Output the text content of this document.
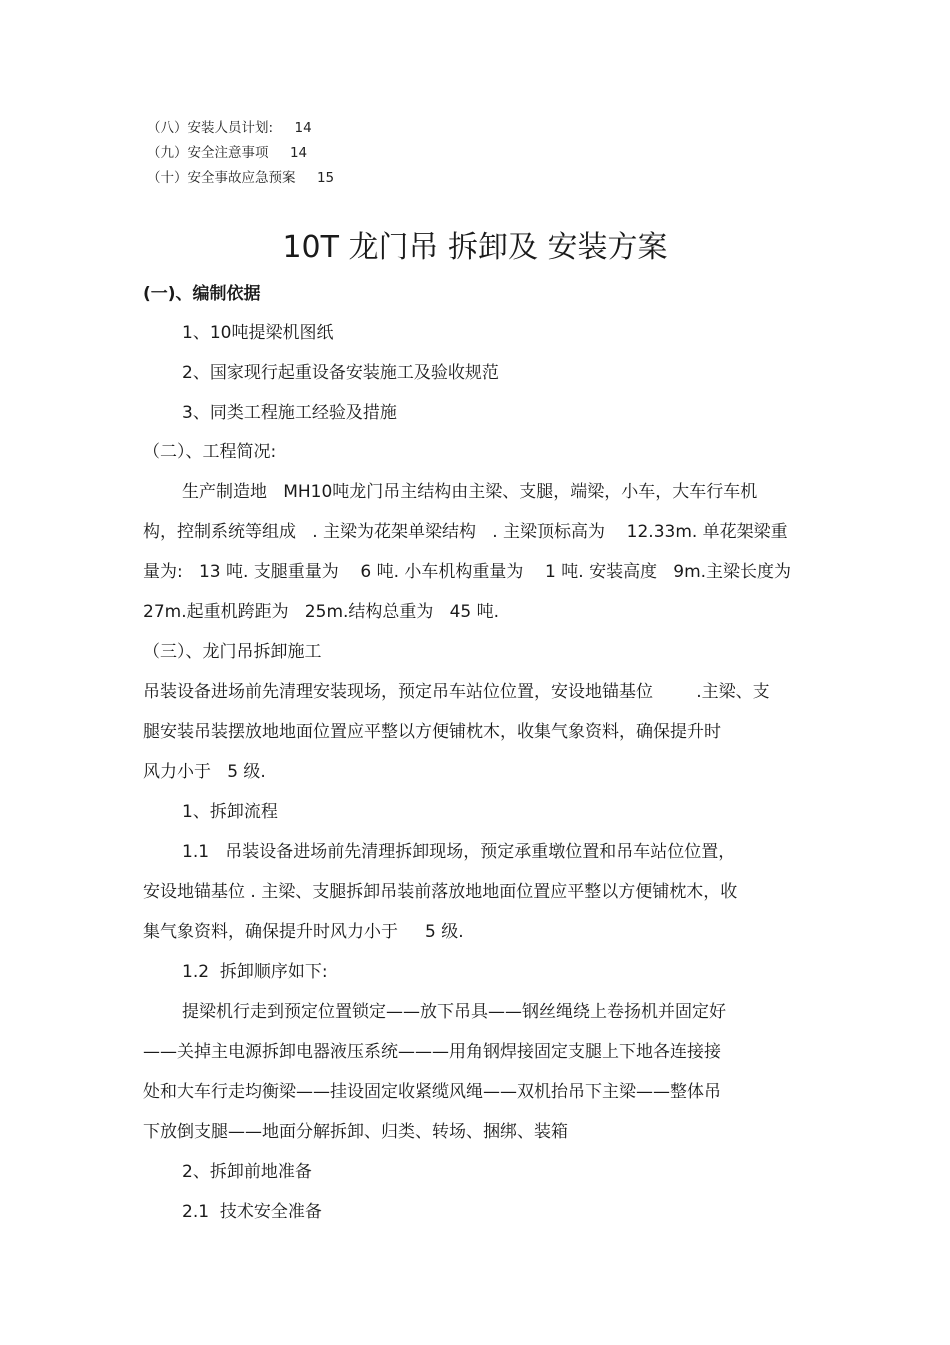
（八）安装人员计划:     14
（九）安全注意事项     14
（十）安全事故应急预案     15
10T 龙门吊 拆卸及 安装方案
(一)、编制依据
1、10吨提梁机图纸
2、国家现行起重设备安装施工及验收规范
3、同类工程施工经验及措施
（二）、工程简况:
生产制造地   MH10吨龙门吊主结构由主梁、支腿，端梁，小车，大车行车机
构，控制系统等组成   . 主梁为花架单梁结构   . 主梁顶标高为    12.33m. 单花架梁重
量为:   13 吨. 支腿重量为    6 吨. 小车机构重量为    1 吨. 安装高度   9m.主梁长度为
27m.起重机跨距为   25m.结构总重为   45 吨.
（三）、龙门吊拆卸施工
吊装设备进场前先清理安装现场，预定吊车站位位置，安设地锚基位        .主梁、支
腿安装吊装摆放地地面位置应平整以方便铺枕木，收集气象资料，确保提升时
风力小于   5 级.
1、拆卸流程
1.1   吊装设备进场前先清理拆卸现场，预定承重墩位置和吊车站位位置，
安设地锚基位 . 主梁、支腿拆卸吊装前落放地地面位置应平整以方便铺枕木，收
集气象资料，确保提升时风力小于     5 级.
1.2  拆卸顺序如下:
提梁机行走到预定位置锁定——放下吊具——钢丝绳绕上卷扬机并固定好
——关掉主电源拆卸电器液压系统———用角钢焊接固定支腿上下地各连接接
处和大车行走均衡梁——挂设固定收紧缆风绳——双机抬吊下主梁——整体吊
下放倒支腿——地面分解拆卸、归类、转场、捆绑、装箱
2、拆卸前地准备
2.1  技术安全准备
